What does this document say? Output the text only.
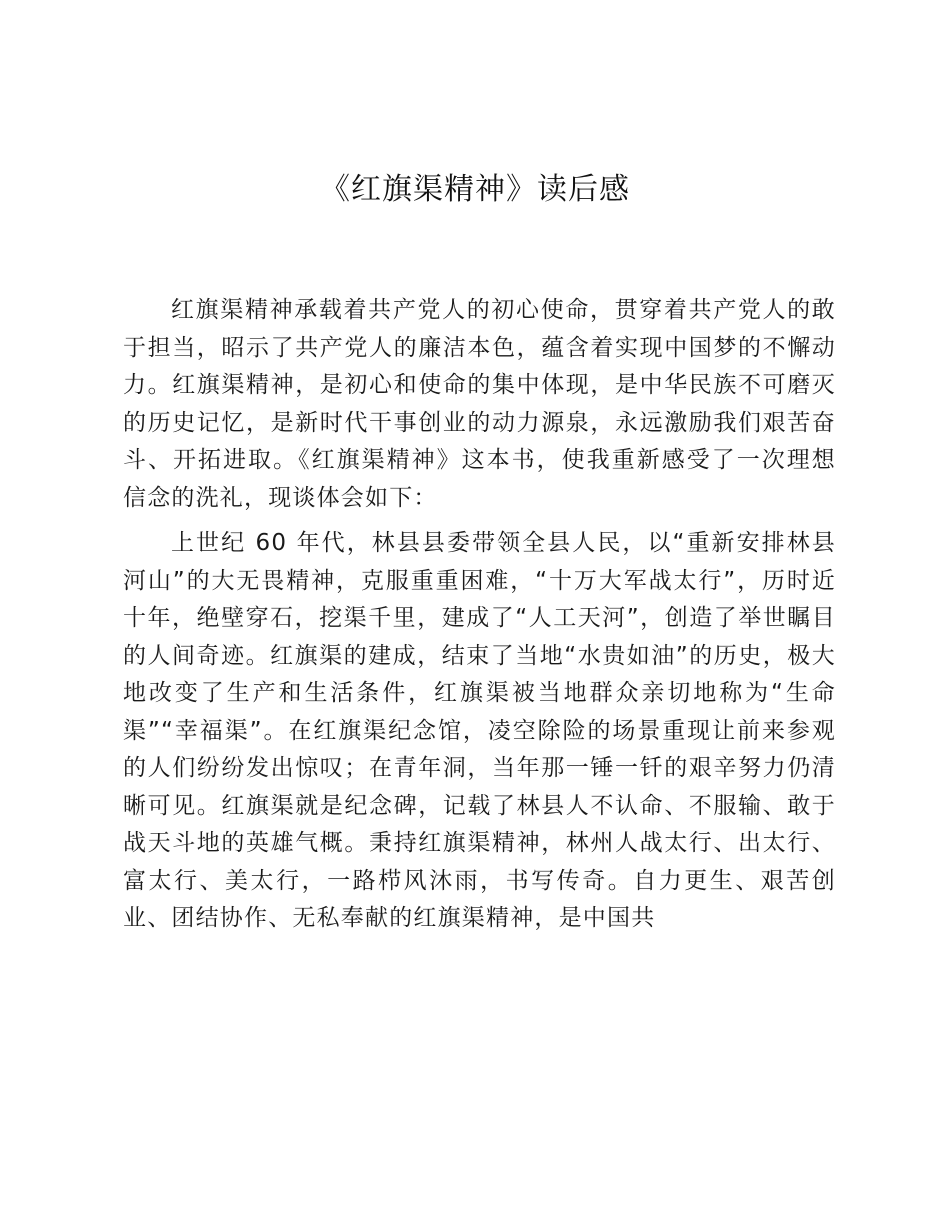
《红旗渠精神》读后感

红旗渠精神承载着共产党人的初心使命，贯穿着共产党人的敢于担当，昭示了共产党人的廉洁本色，蕴含着实现中国梦的不懈动力。红旗渠精神，是初心和使命的集中体现，是中华民族不可磨灭的历史记忆，是新时代干事创业的动力源泉，永远激励我们艰苦奋斗、开拓进取。《红旗渠精神》这本书，使我重新感受了一次理想信念的洗礼，现谈体会如下：

上世纪 60 年代，林县县委带领全县人民，以“重新安排林县河山”的大无畏精神，克服重重困难，“十万大军战太行”，历时近十年，绝壁穿石，挖渠千里，建成了“人工天河”，创造了举世瞩目的人间奇迹。红旗渠的建成，结束了当地“水贵如油”的历史，极大地改变了生产和生活条件，红旗渠被当地群众亲切地称为“生命渠”“幸福渠”。在红旗渠纪念馆，凌空除险的场景重现让前来参观的人们纷纷发出惊叹；在青年洞，当年那一锤一钎的艰辛努力仍清晰可见。红旗渠就是纪念碑，记载了林县人不认命、不服输、敢于战天斗地的英雄气概。秉持红旗渠精神，林州人战太行、出太行、富太行、美太行，一路栉风沐雨，书写传奇。自力更生、艰苦创业、团结协作、无私奉献的红旗渠精神，是中国共
